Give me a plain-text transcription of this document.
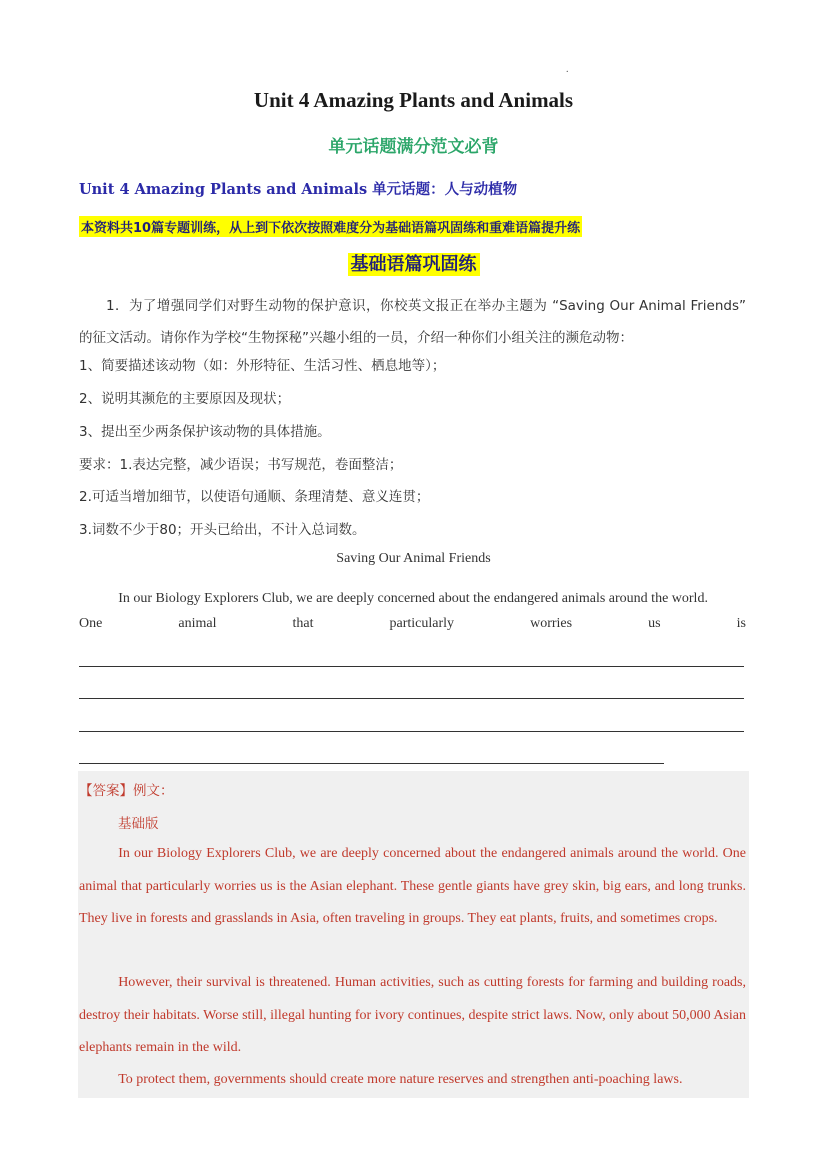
.
Unit 4 Amazing Plants and Animals
单元话题满分范文必背
Unit 4 Amazing Plants and Animals 单元话题：人与动植物
本资料共10篇专题训练，从上到下依次按照难度分为基础语篇巩固练和重难语篇提升练
基础语篇巩固练
1．为了增强同学们对野生动物的保护意识，你校英文报正在举办主题为 “Saving Our Animal Friends” 的征文活动。请你作为学校“生物探秘”兴趣小组的一员，介绍一种你们小组关注的濒危动物：
1、简要描述该动物（如：外形特征、生活习性、栖息地等）；
2、说明其濒危的主要原因及现状；
3、提出至少两条保护该动物的具体措施。
要求：1.表达完整，减少语误；书写规范，卷面整洁；
2.可适当增加细节，以使语句通顺、条理清楚、意义连贯；
3.词数不少于80；开头已给出，不计入总词数。
Saving Our Animal Friends
In our Biology Explorers Club, we are deeply concerned about the endangered animals around the world.
One	animal	that	particularly	worries	us	is
【答案】例文：
基础版
In our Biology Explorers Club, we are deeply concerned about the endangered animals around the world. One animal that particularly worries us is the Asian elephant. These gentle giants have grey skin, big ears, and long trunks. They live in forests and grasslands in Asia, often traveling in groups. They eat plants, fruits, and sometimes crops.
However, their survival is threatened. Human activities, such as cutting forests for farming and building roads, destroy their habitats. Worse still, illegal hunting for ivory continues, despite strict laws. Now, only about 50,000 Asian elephants remain in the wild.
To protect them, governments should create more nature reserves and strengthen anti-poaching laws.
